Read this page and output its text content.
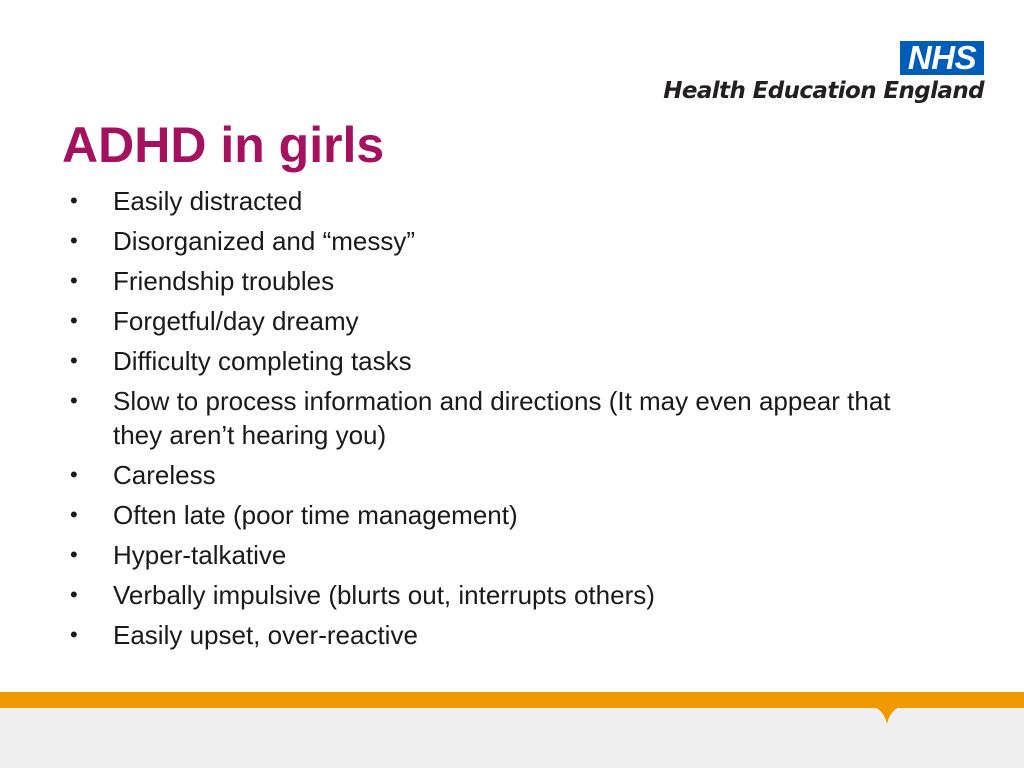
NHS
Health Education England
ADHD in girls
•	Easily distracted
•	Disorganized and “messy”
•	Friendship troubles
•	Forgetful/day dreamy
•	Difficulty completing tasks
•	Slow to process information and directions (It may even appear that they aren’t hearing you)
•	Careless
•	Often late (poor time management)
•	Hyper-talkative
•	Verbally impulsive (blurts out, interrupts others)
•	Easily upset, over-reactive
